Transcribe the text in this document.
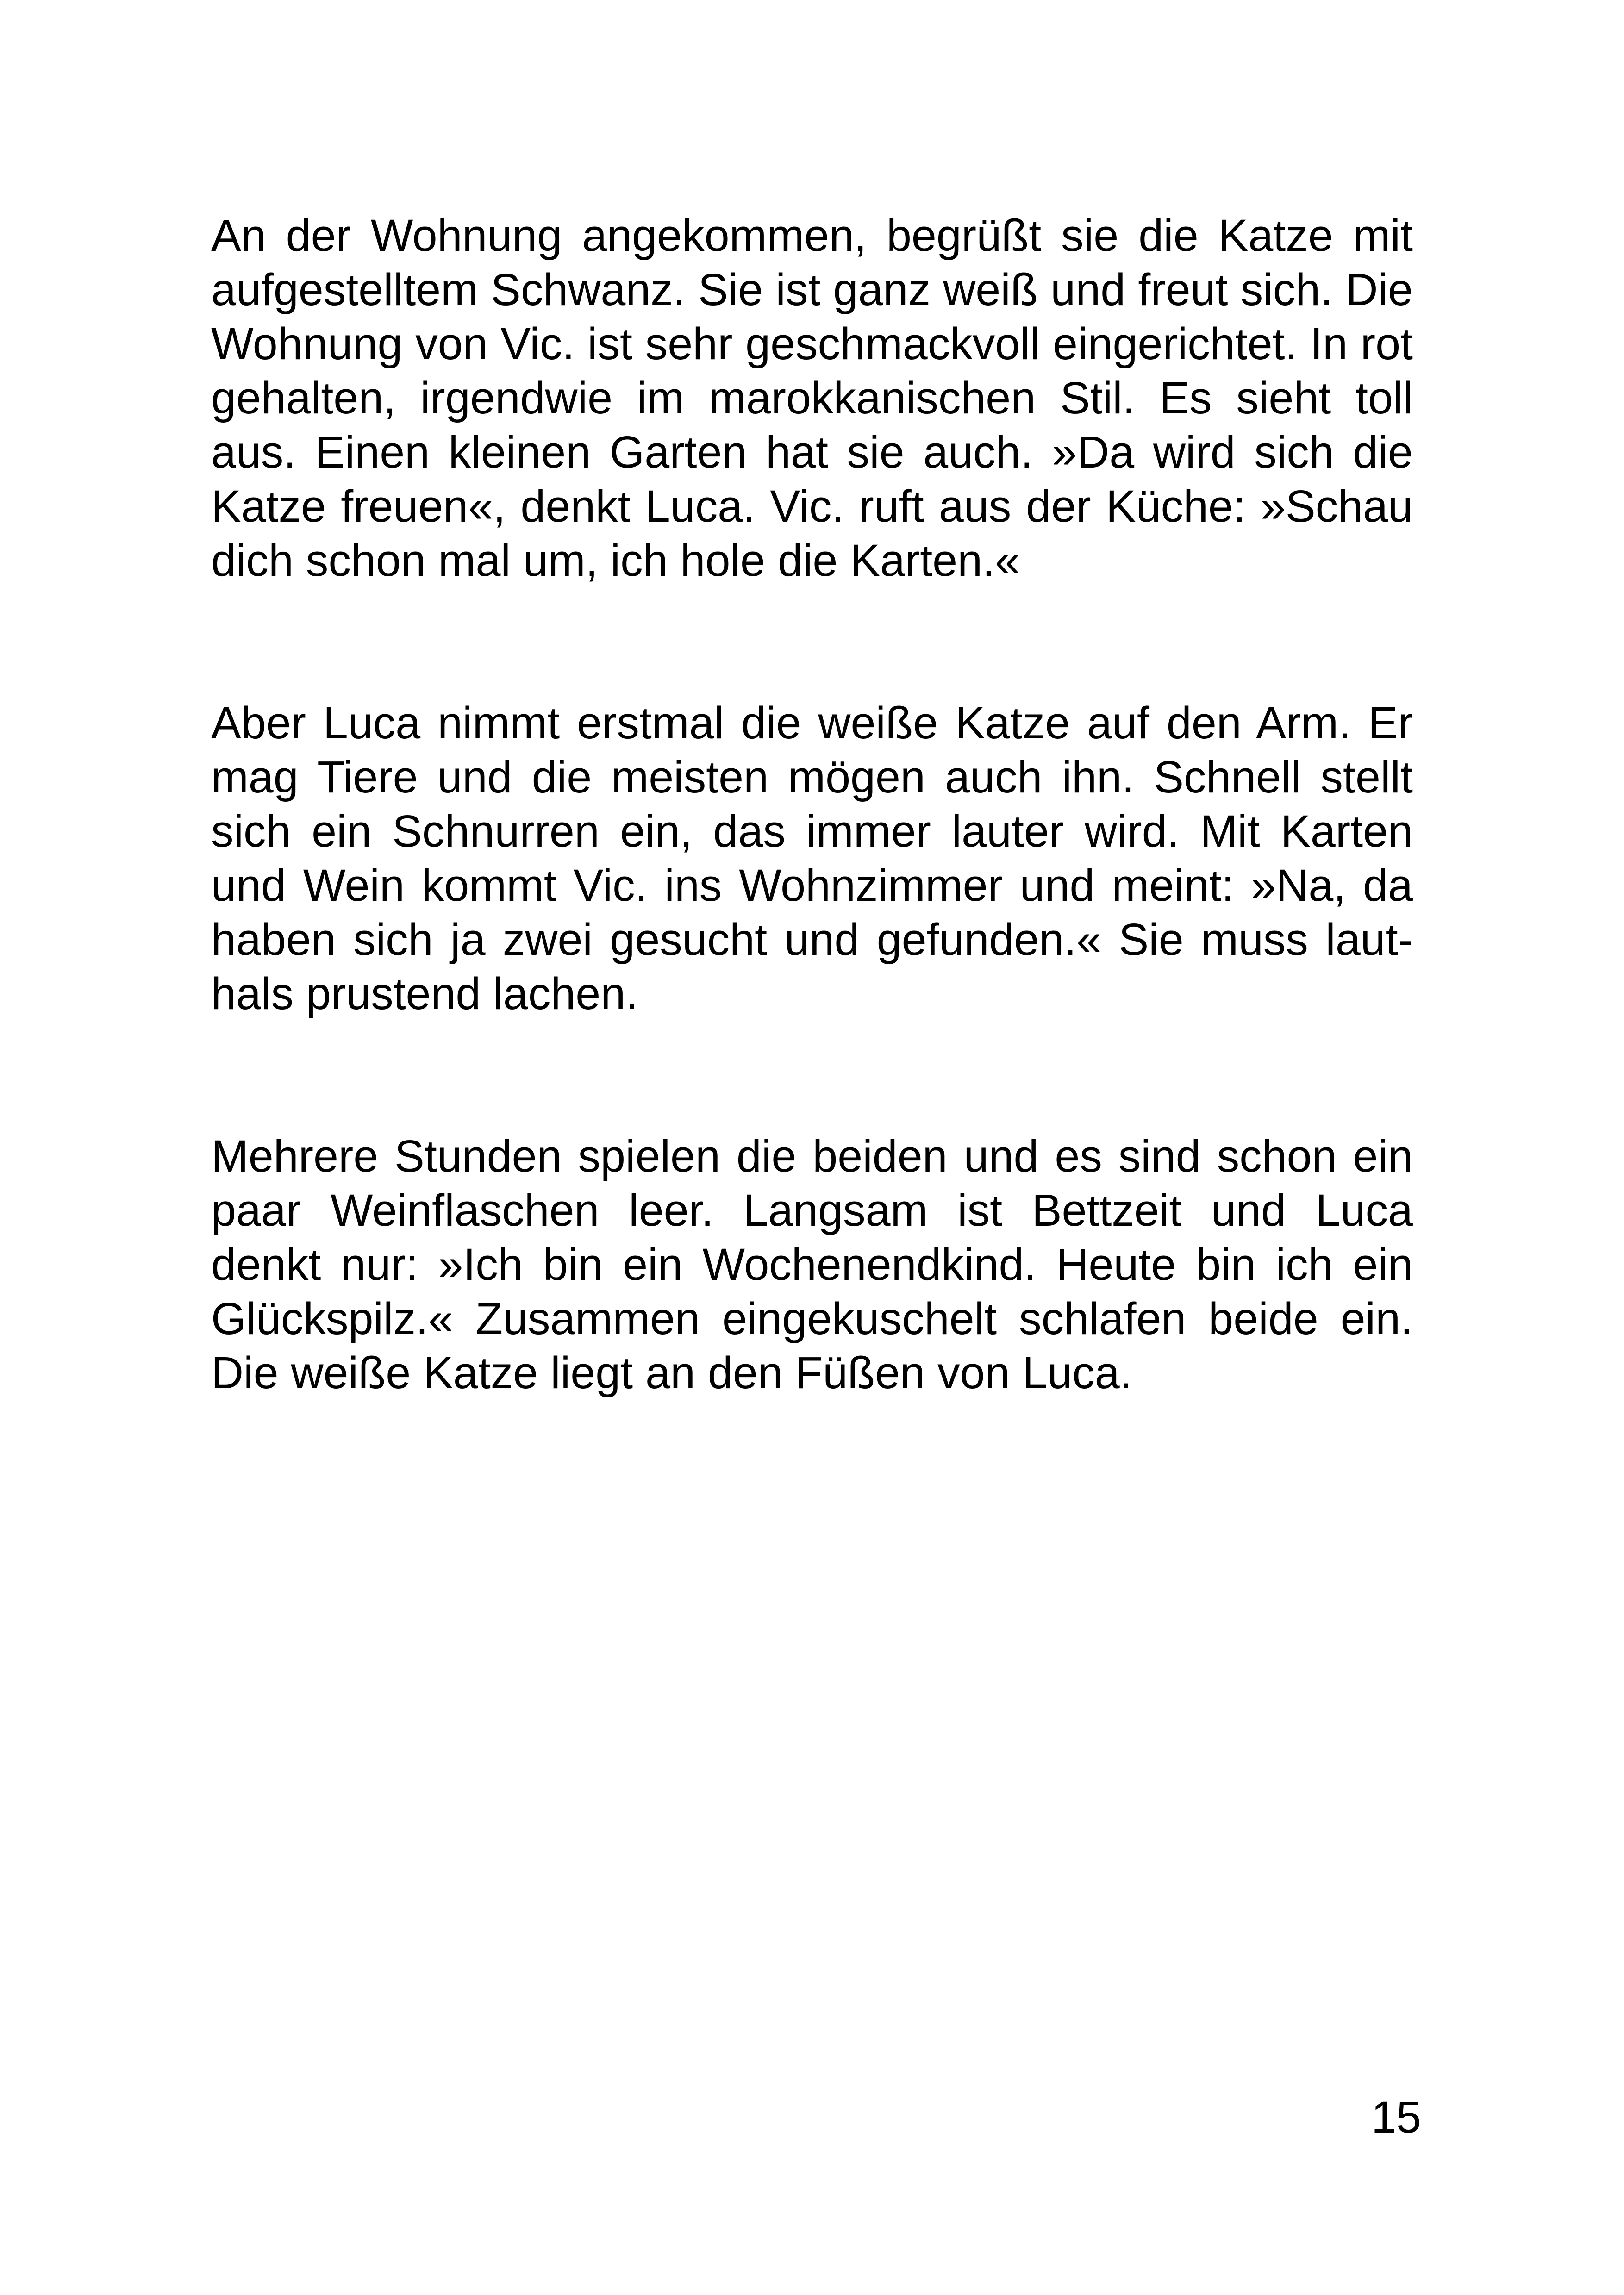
An der Wohnung angekommen, begrüßt sie die Katze mit aufgestelltem Schwanz. Sie ist ganz weiß und freut sich. Die Wohnung von Vic. ist sehr geschmackvoll eingerichtet. In rot gehalten, irgendwie im marokkanischen Stil. Es sieht toll aus. Einen kleinen Garten hat sie auch. »Da wird sich die Katze freuen«, denkt Luca. Vic. ruft aus der Küche: »Schau dich schon mal um, ich hole die Karten.«

Aber Luca nimmt erstmal die weiße Katze auf den Arm. Er mag Tiere und die meisten mögen auch ihn. Schnell stellt sich ein Schnurren ein, das immer lauter wird. Mit Karten und Wein kommt Vic. ins Wohnzimmer und meint: »Na, da haben sich ja zwei gesucht und gefunden.« Sie muss lauthals prustend lachen.

Mehrere Stunden spielen die beiden und es sind schon ein paar Weinflaschen leer. Langsam ist Bettzeit und Luca denkt nur: »Ich bin ein Wochenendkind. Heute bin ich ein Glückspilz.« Zusammen eingekuschelt schlafen beide ein. Die weiße Katze liegt an den Füßen von Luca.

15
